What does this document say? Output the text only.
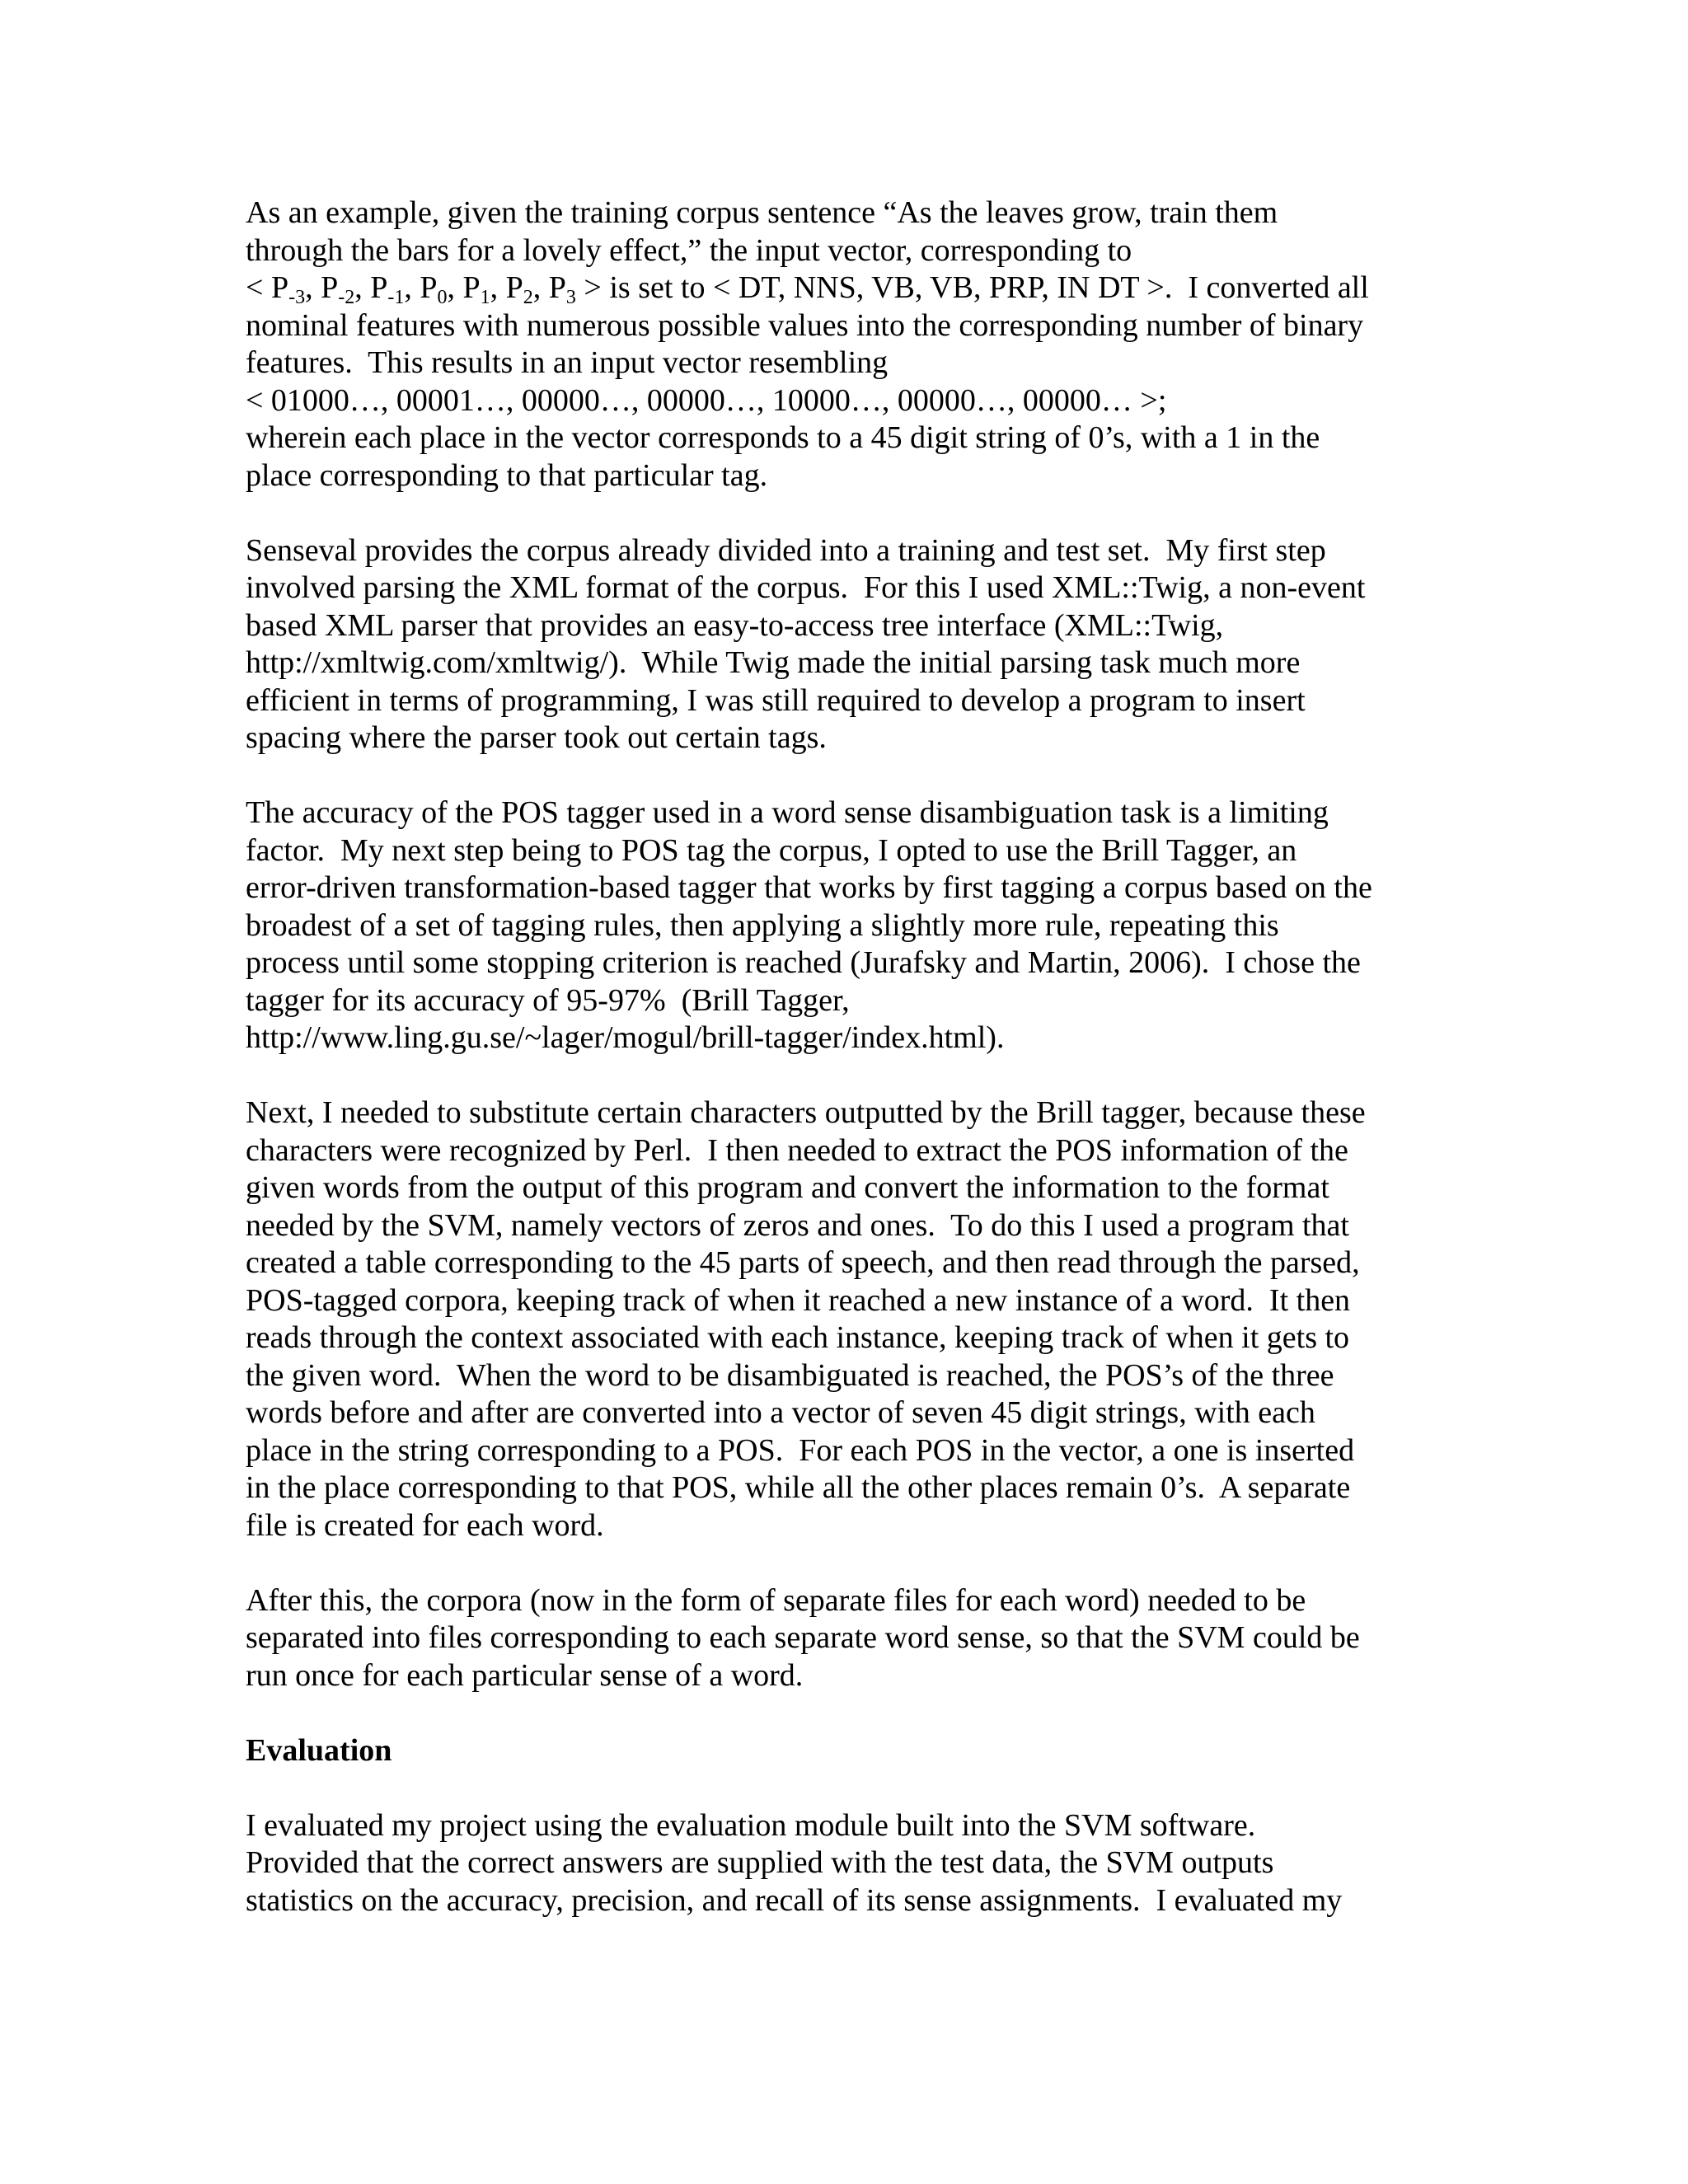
As an example, given the training corpus sentence “As the leaves grow, train them
through the bars for a lovely effect,” the input vector, corresponding to
< $P_{-3}$, $P_{-2}$, $P_{-1}$, $P_0$, $P_1$, $P_2$, $P_3$ > is set to < DT, NNS, VB, VB, PRP, IN DT >.  I converted all
nominal features with numerous possible values into the corresponding number of binary
features.  This results in an input vector resembling
< 01000…, 00001…, 00000…, 00000…, 10000…, 00000…, 00000… >;
wherein each place in the vector corresponds to a 45 digit string of 0’s, with a 1 in the
place corresponding to that particular tag.
Senseval provides the corpus already divided into a training and test set.  My first step
involved parsing the XML format of the corpus.  For this I used XML::Twig, a non-event
based XML parser that provides an easy-to-access tree interface (XML::Twig,
http://xmltwig.com/xmltwig/).  While Twig made the initial parsing task much more
efficient in terms of programming, I was still required to develop a program to insert
spacing where the parser took out certain tags.
The accuracy of the POS tagger used in a word sense disambiguation task is a limiting
factor.  My next step being to POS tag the corpus, I opted to use the Brill Tagger, an
error-driven transformation-based tagger that works by first tagging a corpus based on the
broadest of a set of tagging rules, then applying a slightly more rule, repeating this
process until some stopping criterion is reached (Jurafsky and Martin, 2006).  I chose the
tagger for its accuracy of 95-97%  (Brill Tagger,
http://www.ling.gu.se/~lager/mogul/brill-tagger/index.html).
Next, I needed to substitute certain characters outputted by the Brill tagger, because these
characters were recognized by Perl.  I then needed to extract the POS information of the
given words from the output of this program and convert the information to the format
needed by the SVM, namely vectors of zeros and ones.  To do this I used a program that
created a table corresponding to the 45 parts of speech, and then read through the parsed,
POS-tagged corpora, keeping track of when it reached a new instance of a word.  It then
reads through the context associated with each instance, keeping track of when it gets to
the given word.  When the word to be disambiguated is reached, the POS’s of the three
words before and after are converted into a vector of seven 45 digit strings, with each
place in the string corresponding to a POS.  For each POS in the vector, a one is inserted
in the place corresponding to that POS, while all the other places remain 0’s.  A separate
file is created for each word.
After this, the corpora (now in the form of separate files for each word) needed to be
separated into files corresponding to each separate word sense, so that the SVM could be
run once for each particular sense of a word.
Evaluation
I evaluated my project using the evaluation module built into the SVM software.
Provided that the correct answers are supplied with the test data, the SVM outputs
statistics on the accuracy, precision, and recall of its sense assignments.  I evaluated my
